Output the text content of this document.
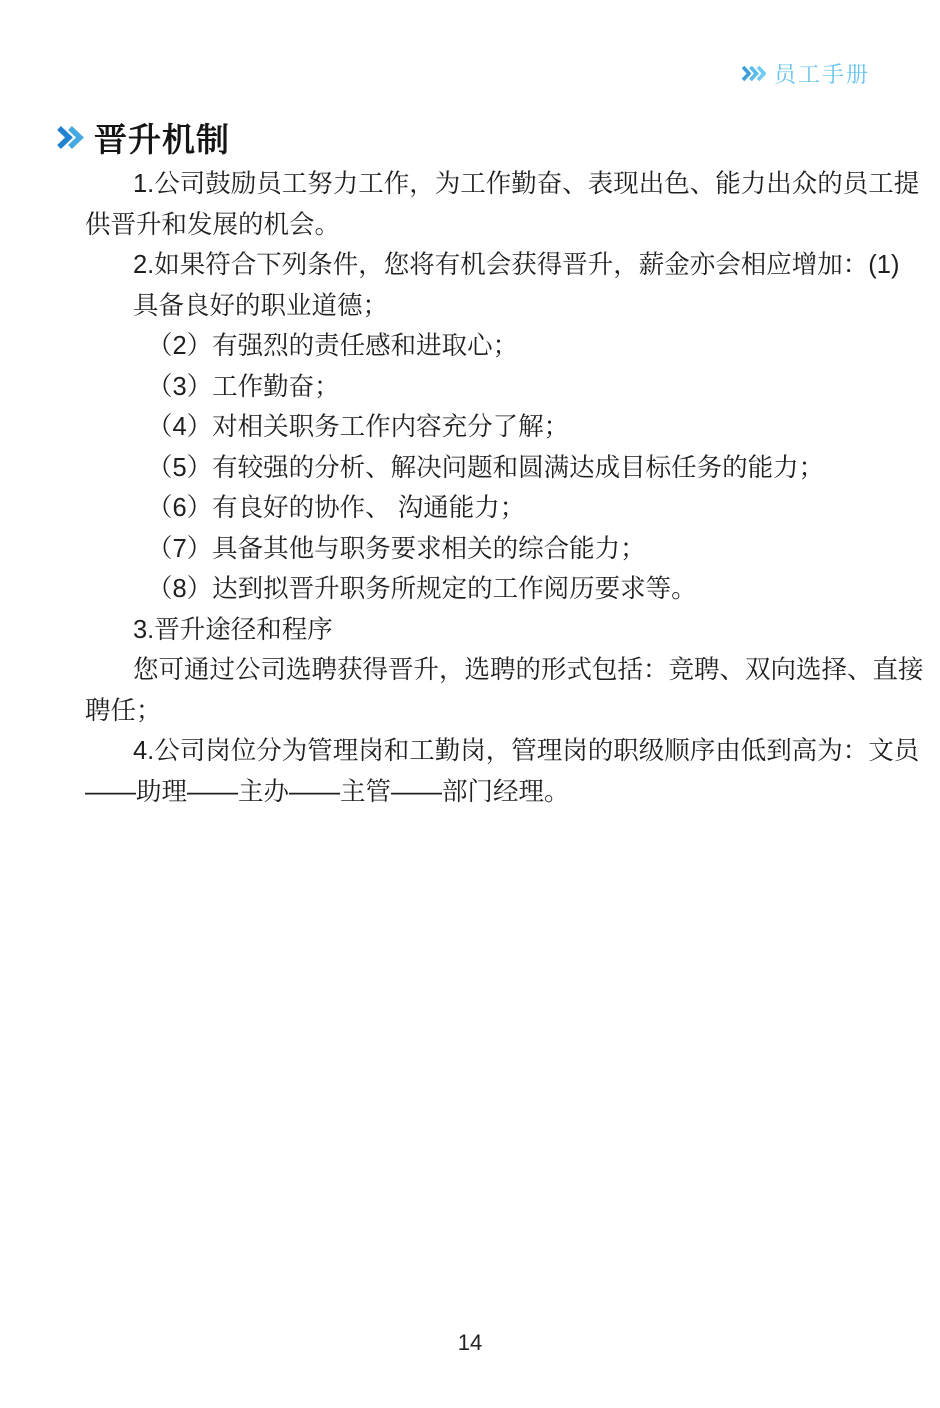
员工手册
晋升机制
1.公司鼓励员工努力工作，为工作勤奋、表现出色、能力出众的员工提
供晋升和发展的机会。
2.如果符合下列条件，您将有机会获得晋升，薪金亦会相应增加：(1)
具备良好的职业道德；
（2）有强烈的责任感和进取心；
（3）工作勤奋；
（4）对相关职务工作内容充分了解；
（5）有较强的分析、解决问题和圆满达成目标任务的能力；
（6）有良好的协作、 沟通能力；
（7）具备其他与职务要求相关的综合能力；
（8）达到拟晋升职务所规定的工作阅历要求等。
3.晋升途径和程序
您可通过公司选聘获得晋升，选聘的形式包括：竞聘、双向选择、直接
聘任；
4.公司岗位分为管理岗和工勤岗，管理岗的职级顺序由低到高为：文员
——助理——主办——主管——部门经理。
14
